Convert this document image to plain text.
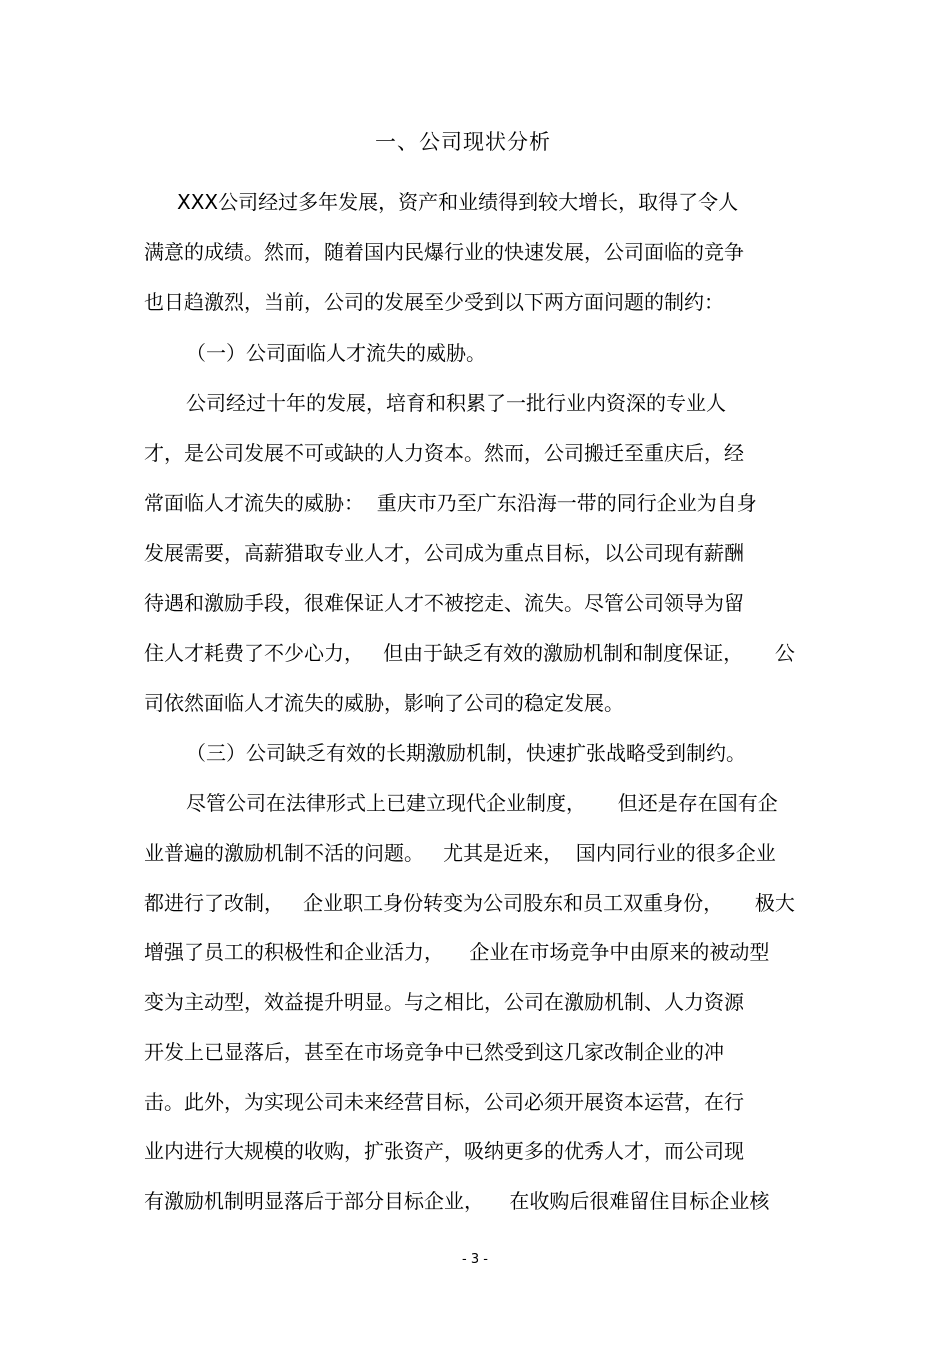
一、公司现状分析
XXX公司经过多年发展，资产和业绩得到较大增长，取得了令人
满意的成绩。然而，随着国内民爆行业的快速发展，公司面临的竞争
也日趋激烈，当前，公司的发展至少受到以下两方面问题的制约：
（一）公司面临人才流失的威胁。
公司经过十年的发展，培育和积累了一批行业内资深的专业人
才，是公司发展不可或缺的人力资本。然而，公司搬迁至重庆后，经
常面临人才流失的威胁：  重庆市乃至广东沿海一带的同行企业为自身
发展需要，高薪猎取专业人才，公司成为重点目标，以公司现有薪酬
待遇和激励手段，很难保证人才不被挖走、流失。尽管公司领导为留
住人才耗费了不少心力，   但由于缺乏有效的激励机制和制度保证，     公
司依然面临人才流失的威胁，影响了公司的稳定发展。
（三）公司缺乏有效的长期激励机制，快速扩张战略受到制约。
尽管公司在法律形式上已建立现代企业制度，     但还是存在国有企
业普遍的激励机制不活的问题。   尤其是近来，  国内同行业的很多企业
都进行了改制，   企业职工身份转变为公司股东和员工双重身份，     极大
增强了员工的积极性和企业活力，    企业在市场竞争中由原来的被动型
变为主动型，效益提升明显。与之相比，公司在激励机制、人力资源
开发上已显落后，甚至在市场竞争中已然受到这几家改制企业的冲
击。此外，为实现公司未来经营目标，公司必须开展资本运营，在行
业内进行大规模的收购，扩张资产，吸纳更多的优秀人才，而公司现
有激励机制明显落后于部分目标企业，    在收购后很难留住目标企业核
- 3 -
